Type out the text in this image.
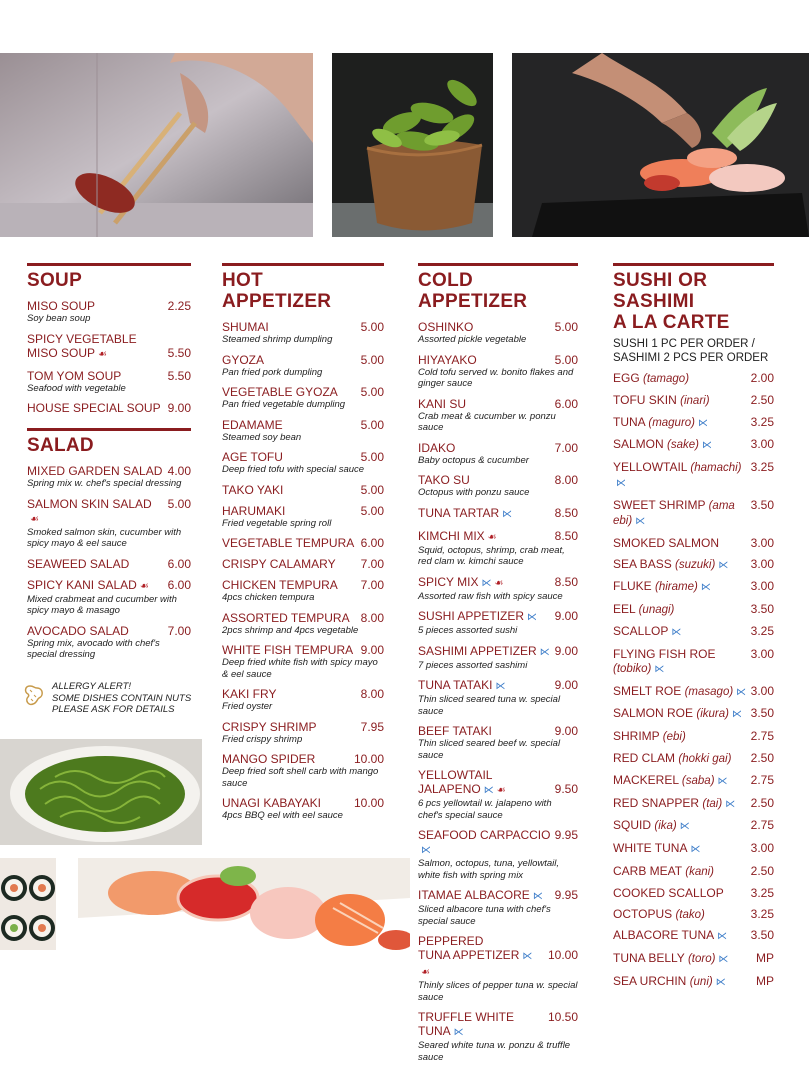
SOUP
MISO SOUP	2.25
Soy bean soup
SPICY VEGETABLE
MISO SOUP ☙	5.50
TOM YOM SOUP	5.50
Seafood with vegetable
HOUSE SPECIAL SOUP 9.00
SALAD
MIXED GARDEN SALAD 4.00
Spring mix w. chef's special dressing
SALMON SKIN SALAD☙
5.00
Smoked salmon skin, cucumber with spicy mayo & eel sauce
SEAWEED SALAD	6.00
SPICY KANI SALAD ☙ 6.00
Mixed crabmeat and cucumber with spicy mayo & masago
AVOCADO SALAD	7.00
Spring mix, avocado with chef's special dressing
ALLERGY ALERT!
SOME DISHES CONTAIN NUTS
PLEASE ASK FOR DETAILS
HOT
APPETIZER
SHUMAI	5.00
Steamed shrimp dumpling
GYOZA	5.00
Pan fried pork dumpling
VEGETABLE GYOZA 5.00
Pan fried vegetable dumpling
EDAMAME	5.00
Steamed soy bean
AGE TOFU	5.00
Deep fried tofu with special sauce
TAKO YAKI	5.00
HARUMAKI	5.00
Fried vegetable spring roll
VEGETABLE TEMPURA 6.00
CRISPY CALAMARY 7.00
CHICKEN TEMPURA 7.00
4pcs chicken tempura
ASSORTED TEMPURA 8.00
2pcs shrimp and 4pcs vegetable
WHITE FISH TEMPURA 9.00
Deep fried white fish with spicy mayo & eel sauce
KAKI FRY	8.00
Fried oyster
CRISPY SHRIMP	7.95
Fried crispy shrimp
MANGO SPIDER	10.00
Deep fried soft shell carb with mango sauce
UNAGI KABAYAKI	10.00
4pcs BBQ eel with eel sauce
COLD
APPETIZER
OSHINKO	5.00
Assorted pickle vegetable
HIYAYAKO	5.00
Cold tofu served w. bonito flakes and ginger sauce
KANI SU	6.00
Crab meat & cucumber w. ponzu sauce
IDAKO	7.00
Baby octopus & cucumber
TAKO SU	8.00
Octopus with ponzu sauce
TUNA TARTAR ⋉	8.50
KIMCHI MIX ☙	8.50
Squid, octopus, shrimp, crab meat, red clam w. kimchi sauce
SPICY MIX ⋉ ☙	8.50
Assorted raw fish with spicy sauce
SUSHI APPETIZER ⋉ 9.00
5 pieces assorted sushi
SASHIMI APPETIZER ⋉ 9.00
7 pieces assorted sashimi
TUNA TATAKI ⋉	9.00
Thin sliced seared tuna w. special sauce
BEEF TATAKI	9.00
Thin sliced seared beef w. special sauce
YELLOWTAIL
JALAPENO ⋉ ☙	9.50
6 pcs yellowtail w. jalapeno with chef's special sauce
SEAFOOD CARPACCIO⋉
9.95
Salmon, octopus, tuna, yellowtail, white fish with spring mix
ITAMAE ALBACORE ⋉ 9.95
Sliced albacore tuna with chef's special sauce
PEPPERED
TUNA APPETIZER ⋉☙
10.00
Thinly slices of pepper tuna w. special sauce
TRUFFLE WHITE TUNA ⋉
10.50
Seared white tuna w. ponzu & truffle sauce
SUSHI OR
SASHIMI
A LA CARTE
SUSHI 1 PC PER ORDER /
SASHIMI 2 PCS PER ORDER
EGG (tamago)	2.00
TOFU SKIN (inari)	2.50
TUNA (maguro) ⋉	3.25
SALMON (sake) ⋉	3.00
YELLOWTAIL (hamachi)⋉
3.25
SWEET SHRIMP (ama ebi) ⋉
3.50
SMOKED SALMON	3.00
SEA BASS (suzuki) ⋉ 3.00
FLUKE (hirame) ⋉	3.00
EEL (unagi)	3.50
SCALLOP ⋉	3.25
FLYING FISH ROE (tobiko) ⋉
3.00
SMELT ROE (masago) ⋉ 3.00
SALMON ROE (ikura) ⋉ 3.50
SHRIMP (ebi)	2.75
RED CLAM (hokki gai) 2.50
MACKEREL (saba) ⋉ 2.75
RED SNAPPER (tai) ⋉ 2.50
SQUID (ika) ⋉	2.75
WHITE TUNA ⋉	3.00
CARB MEAT (kani)	2.50
COOKED SCALLOP 3.25
OCTOPUS (tako)	3.25
ALBACORE TUNA ⋉ 3.50
TUNA BELLY (toro) ⋉ MP
SEA URCHIN (uni) ⋉	MP
